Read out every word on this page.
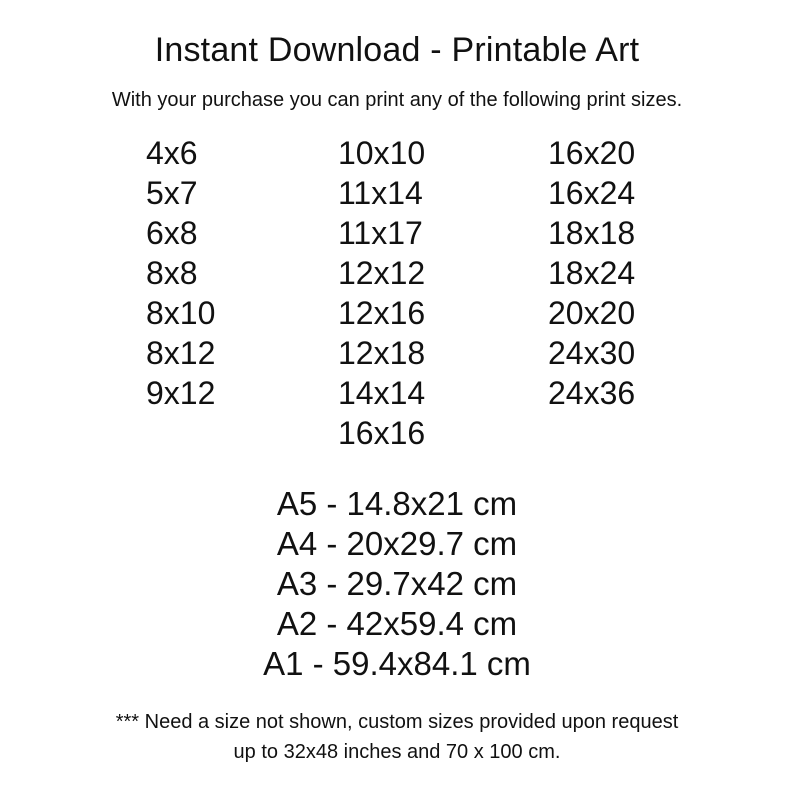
Instant Download - Printable Art

With your purchase you can print any of the following print sizes.

4x6
5x7
6x8
8x8
8x10
8x12
9x12
10x10
11x14
11x17
12x12
12x16
12x18
14x14
16x16
16x20
16x24
18x18
18x24
20x20
24x30
24x36
A5 - 14.8x21 cm
A4 - 20x29.7 cm
A3 - 29.7x42 cm
A2 - 42x59.4 cm
A1 - 59.4x84.1 cm
*** Need a size not shown, custom sizes provided upon request
up to 32x48 inches and 70 x 100 cm.
